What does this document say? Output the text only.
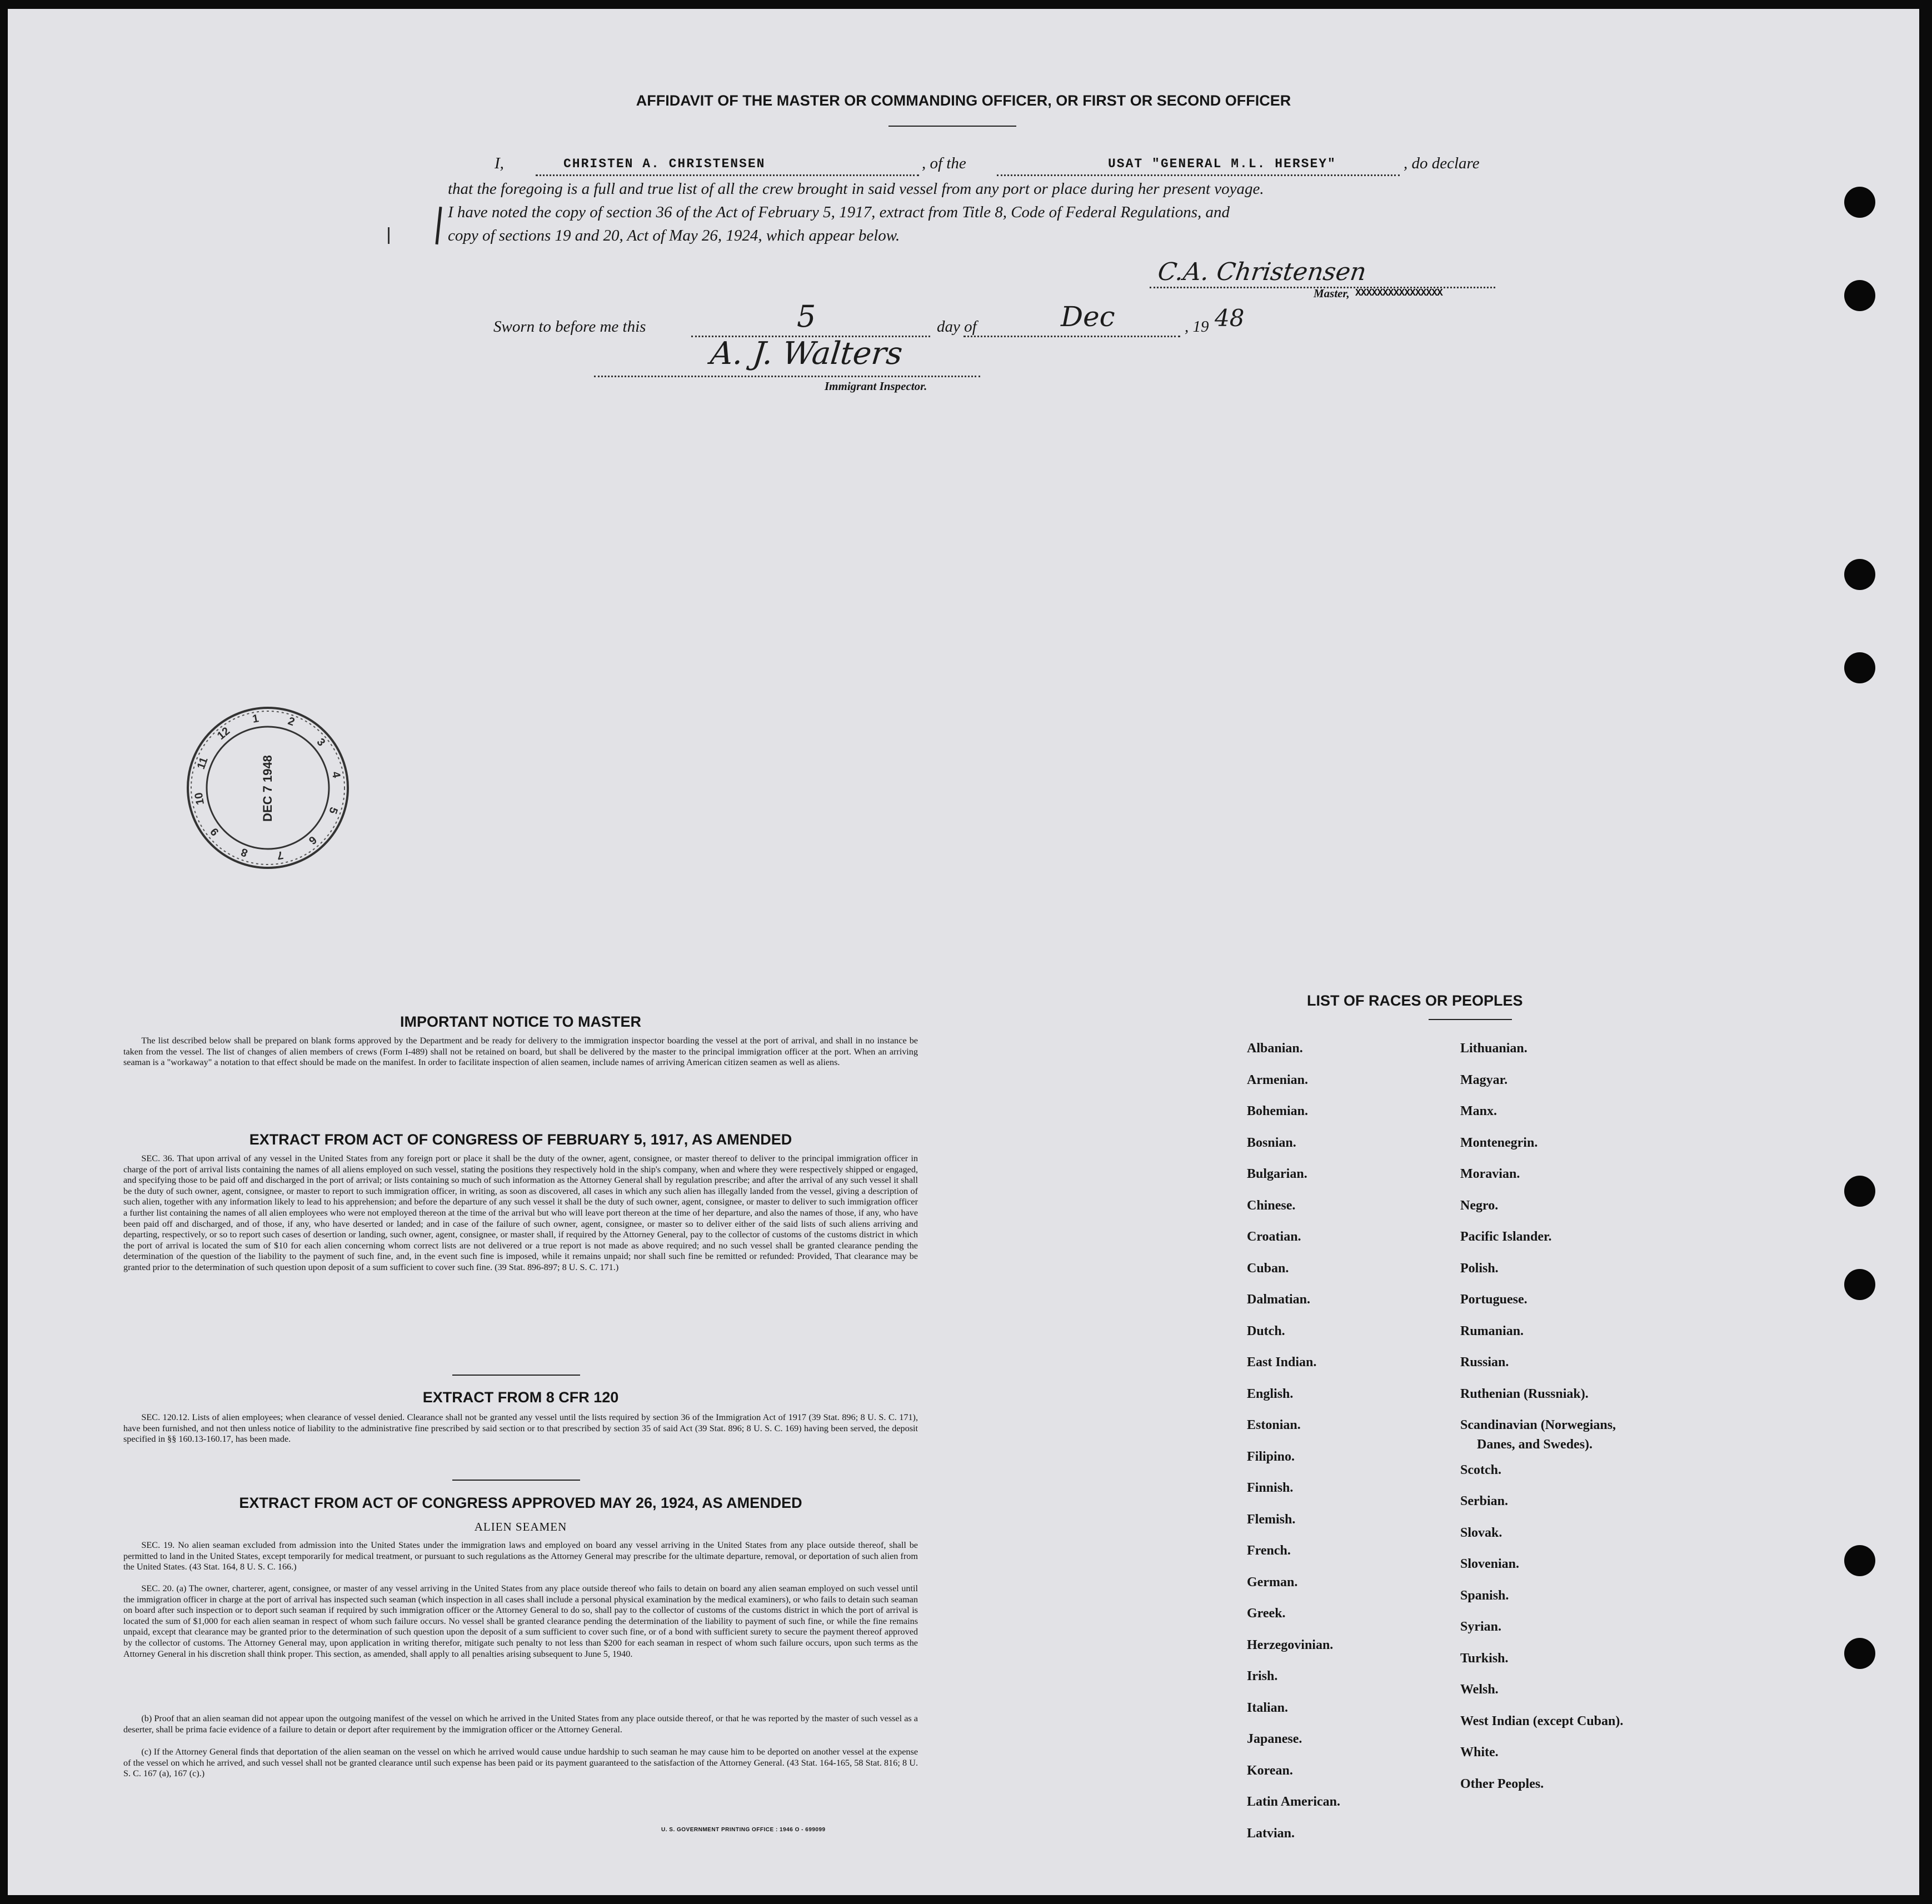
AFFIDAVIT OF THE MASTER OR COMMANDING OFFICER, OR FIRST OR SECOND OFFICER
I,	CHRISTEN A. CHRISTENSEN	, of the	USAT "GENERAL M.L. HERSEY"	, do declare
that the foregoing is a full and true list of all the crew brought in said vessel from any port or place during her present voyage.
I have noted the copy of section 36 of the Act of February 5, 1917, extract from Title 8, Code of Federal Regulations, and
copy of sections 19 and 20, Act of May 26, 1924, which appear below.
C.A. Christensen
Master, XXXXXXXXXXXXXXXX
Sworn to before me this	5	day of	Dec	, 19 48
A. J. Walters
Immigrant Inspector.
1 2
3
4
5
6
7
8
9
10
11
12
DEC 7 1948
IMPORTANT NOTICE TO MASTER
The list described below shall be prepared on blank forms approved by the Department and be ready for delivery to the immigration inspector boarding the vessel at the port of arrival, and shall in no instance be taken from the vessel. The list of changes of alien members of crews (Form I-489) shall not be retained on board, but shall be delivered by the master to the principal immigration officer at the port. When an arriving seaman is a "workaway" a notation to that effect should be made on the manifest. In order to facilitate inspection of alien seamen, include names of arriving American citizen seamen as well as aliens.
EXTRACT FROM ACT OF CONGRESS OF FEBRUARY 5, 1917, AS AMENDED
SEC. 36. That upon arrival of any vessel in the United States from any foreign port or place it shall be the duty of the owner, agent, consignee, or master thereof to deliver to the principal immigration officer in charge of the port of arrival lists containing the names of all aliens employed on such vessel, stating the positions they respectively hold in the ship's company, when and where they were respectively shipped or engaged, and specifying those to be paid off and discharged in the port of arrival; or lists containing so much of such information as the Attorney General shall by regulation prescribe; and after the arrival of any such vessel it shall be the duty of such owner, agent, consignee, or master to report to such immigration officer, in writing, as soon as discovered, all cases in which any such alien has illegally landed from the vessel, giving a description of such alien, together with any information likely to lead to his apprehension; and before the departure of any such vessel it shall be the duty of such owner, agent, consignee, or master to deliver to such immigration officer a further list containing the names of all alien employees who were not employed thereon at the time of the arrival but who will leave port thereon at the time of her departure, and also the names of those, if any, who have been paid off and discharged, and of those, if any, who have deserted or landed; and in case of the failure of such owner, agent, consignee, or master so to deliver either of the said lists of such aliens arriving and departing, respectively, or so to report such cases of desertion or landing, such owner, agent, consignee, or master shall, if required by the Attorney General, pay to the collector of customs of the customs district in which the port of arrival is located the sum of $10 for each alien concerning whom correct lists are not delivered or a true report is not made as above required; and no such vessel shall be granted clearance pending the determination of the question of the liability to the payment of such fine, and, in the event such fine is imposed, while it remains unpaid; nor shall such fine be remitted or refunded: Provided, That clearance may be granted prior to the determination of such question upon deposit of a sum sufficient to cover such fine. (39 Stat. 896-897; 8 U. S. C. 171.)
EXTRACT FROM 8 CFR 120
SEC. 120.12. Lists of alien employees; when clearance of vessel denied. Clearance shall not be granted any vessel until the lists required by section 36 of the Immigration Act of 1917 (39 Stat. 896; 8 U. S. C. 171), have been furnished, and not then unless notice of liability to the administrative fine prescribed by said section or to that prescribed by section 35 of said Act (39 Stat. 896; 8 U. S. C. 169) having been served, the deposit specified in §§ 160.13-160.17, has been made.
EXTRACT FROM ACT OF CONGRESS APPROVED MAY 26, 1924, AS AMENDED
ALIEN SEAMEN
SEC. 19. No alien seaman excluded from admission into the United States under the immigration laws and employed on board any vessel arriving in the United States from any place outside thereof, shall be permitted to land in the United States, except temporarily for medical treatment, or pursuant to such regulations as the Attorney General may prescribe for the ultimate departure, removal, or deportation of such alien from the United States. (43 Stat. 164, 8 U. S. C. 166.)
SEC. 20. (a) The owner, charterer, agent, consignee, or master of any vessel arriving in the United States from any place outside thereof who fails to detain on board any alien seaman employed on such vessel until the immigration officer in charge at the port of arrival has inspected such seaman (which inspection in all cases shall include a personal physical examination by the medical examiners), or who fails to detain such seaman on board after such inspection or to deport such seaman if required by such immigration officer or the Attorney General to do so, shall pay to the collector of customs of the customs district in which the port of arrival is located the sum of $1,000 for each alien seaman in respect of whom such failure occurs. No vessel shall be granted clearance pending the determination of the liability to payment of such fine, or while the fine remains unpaid, except that clearance may be granted prior to the determination of such question upon the deposit of a sum sufficient to cover such fine, or of a bond with sufficient surety to secure the payment thereof approved by the collector of customs. The Attorney General may, upon application in writing therefor, mitigate such penalty to not less than $200 for each seaman in respect of whom such failure occurs, upon such terms as the Attorney General in his discretion shall think proper. This section, as amended, shall apply to all penalties arising subsequent to June 5, 1940.
(b) Proof that an alien seaman did not appear upon the outgoing manifest of the vessel on which he arrived in the United States from any place outside thereof, or that he was reported by the master of such vessel as a deserter, shall be prima facie evidence of a failure to detain or deport after requirement by the immigration officer or the Attorney General.
(c) If the Attorney General finds that deportation of the alien seaman on the vessel on which he arrived would cause undue hardship to such seaman he may cause him to be deported on another vessel at the expense of the vessel on which he arrived, and such vessel shall not be granted clearance until such expense has been paid or its payment guaranteed to the satisfaction of the Attorney General. (43 Stat. 164-165, 58 Stat. 816; 8 U. S. C. 167 (a), 167 (c).)
U. S. GOVERNMENT PRINTING OFFICE : 1946 O - 699099
LIST OF RACES OR PEOPLES
Albanian.
Armenian.
Bohemian.
Bosnian.
Bulgarian.
Chinese.
Croatian.
Cuban.
Dalmatian.
Dutch.
East Indian.
English.
Estonian.
Filipino.
Finnish.
Flemish.
French.
German.
Greek.
Herzegovinian.
Irish.
Italian.
Japanese.
Korean.
Latin American.
Latvian.
Lithuanian.
Magyar.
Manx.
Montenegrin.
Moravian.
Negro.
Pacific Islander.
Polish.
Portuguese.
Rumanian.
Russian.
Ruthenian (Russniak).
Scandinavian (Norwegians,
Danes, and Swedes).
Scotch.
Serbian.
Slovak.
Slovenian.
Spanish.
Syrian.
Turkish.
Welsh.
West Indian (except Cuban).
White.
Other Peoples.
